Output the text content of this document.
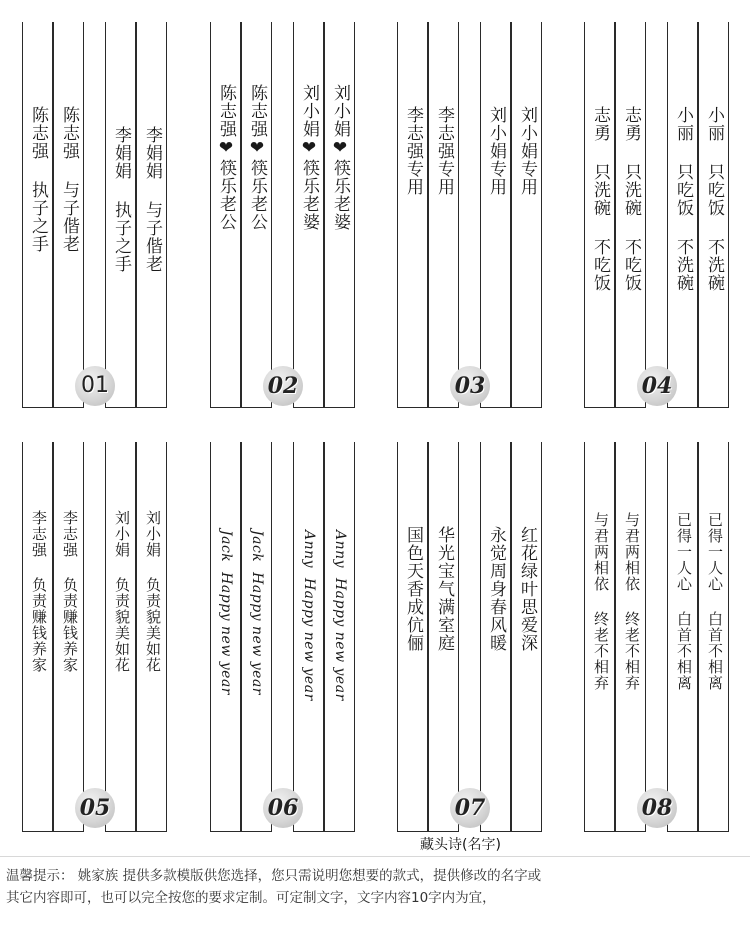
陈志强 执子之手 陈志强 与子偕老 李娟娟 执子之手 李娟娟 与子偕老
01
陈志强❤筷乐老公 陈志强❤筷乐老公 刘小娟❤筷乐老婆 刘小娟❤筷乐老婆
02
李志强专用 李志强专用 刘小娟专用 刘小娟专用
03
志勇 只洗碗 不吃饭 志勇 只洗碗 不吃饭 小丽 只吃饭 不洗碗 小丽 只吃饭 不洗碗
04
李志强 负责赚钱养家 李志强 负责赚钱养家	刘小娟 负责貌美如花 刘小娟 负责貌美如花
05
Jack  Happy new year	Jack  Happy new year	Anny  Happy new year	Anny  Happy new year
06
国色天香成伉俪 华光宝气满室庭 永觉周身春风暖 红花绿叶思爱深
07
与君两相依 终老不相弃 与君两相依 终老不相弃	已得一人心 白首不相离 已得一人心 白首不相离
08
藏头诗(名字)
温馨提示： 姚家族 提供多款模版供您选择，您只需说明您想要的款式，提供修改的名字或
其它内容即可，也可以完全按您的要求定制。可定制文字，文字内容10字内为宜，
